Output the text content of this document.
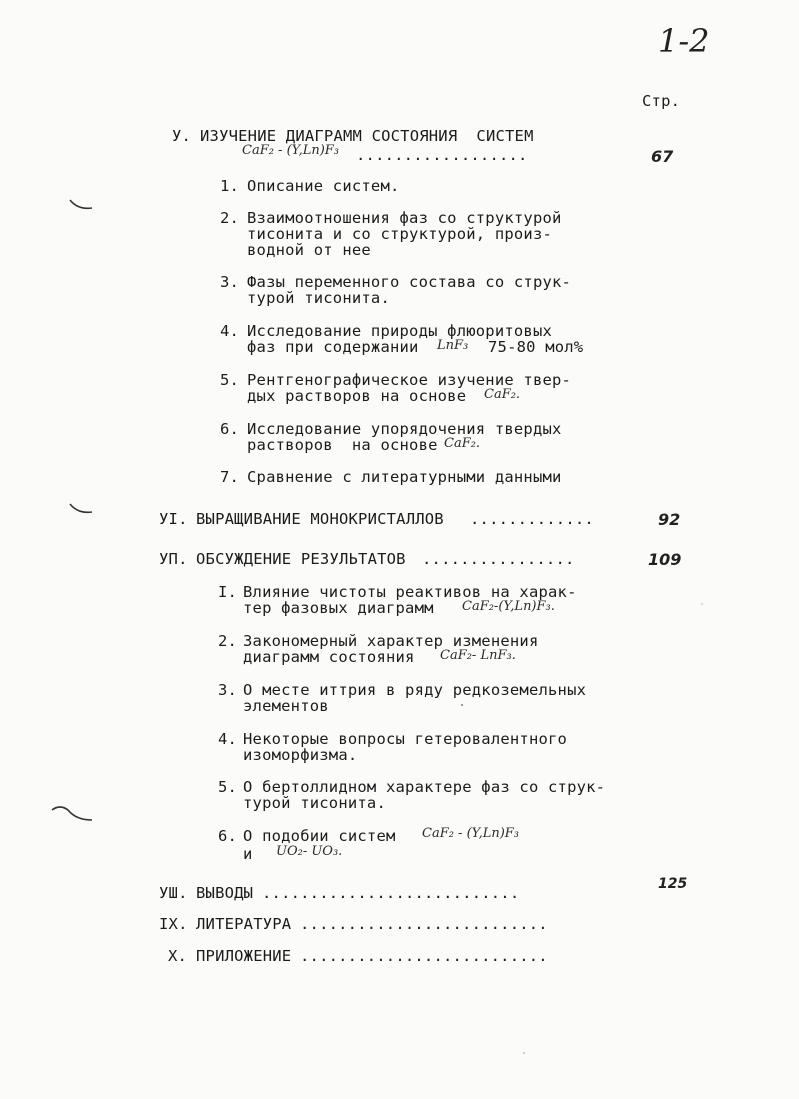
1-2
Стр.
У. ИЗУЧЕНИЕ ДИАГРАММ СОСТОЯНИЯ  СИСТЕМ
CaF₂ - (Y,Ln)F₃ ..................	67
1. Описание систем.
2. Взаимоотношения фаз со структурой
тисонита и со структурой, произ-
водной от нее
3. Фазы переменного состава со струк-
турой тисонита.
4. Исследование природы флюоритовых
фаз при содержании LnF₃ 75-80 мол%
5. Рентгенографическое изучение твер-
дых растворов на основе CaF₂.
6. Исследование упорядочения твердых
растворов  на основе CaF₂.
7. Сравнение с литературными данными
УI. ВЫРАЩИВАНИЕ МОНОКРИСТАЛЛОВ .............	92
УП. ОБСУЖДЕНИЕ РЕЗУЛЬТАТОВ ................	109
I. Влияние чистоты реактивов на харак-
тер фазовых диаграмм CaF₂-(Y,Ln)F₃.
2. Закономерный характер изменения
диаграмм состояния CaF₂- LnF₃.
3. О месте иттрия в ряду редкоземельных
элементов
4. Некоторые вопросы гетеровалентного
изоморфизма.
5. О бертоллидном характере фаз со струк-
турой тисонита.
6. О подобии систем CaF₂ - (Y,Ln)F₃
и UO₂- UO₃.
УШ. ВЫВОДЫ ...........................	125
IX. ЛИТЕРАТУРА ..........................
X. ПРИЛОЖЕНИЕ ..........................
